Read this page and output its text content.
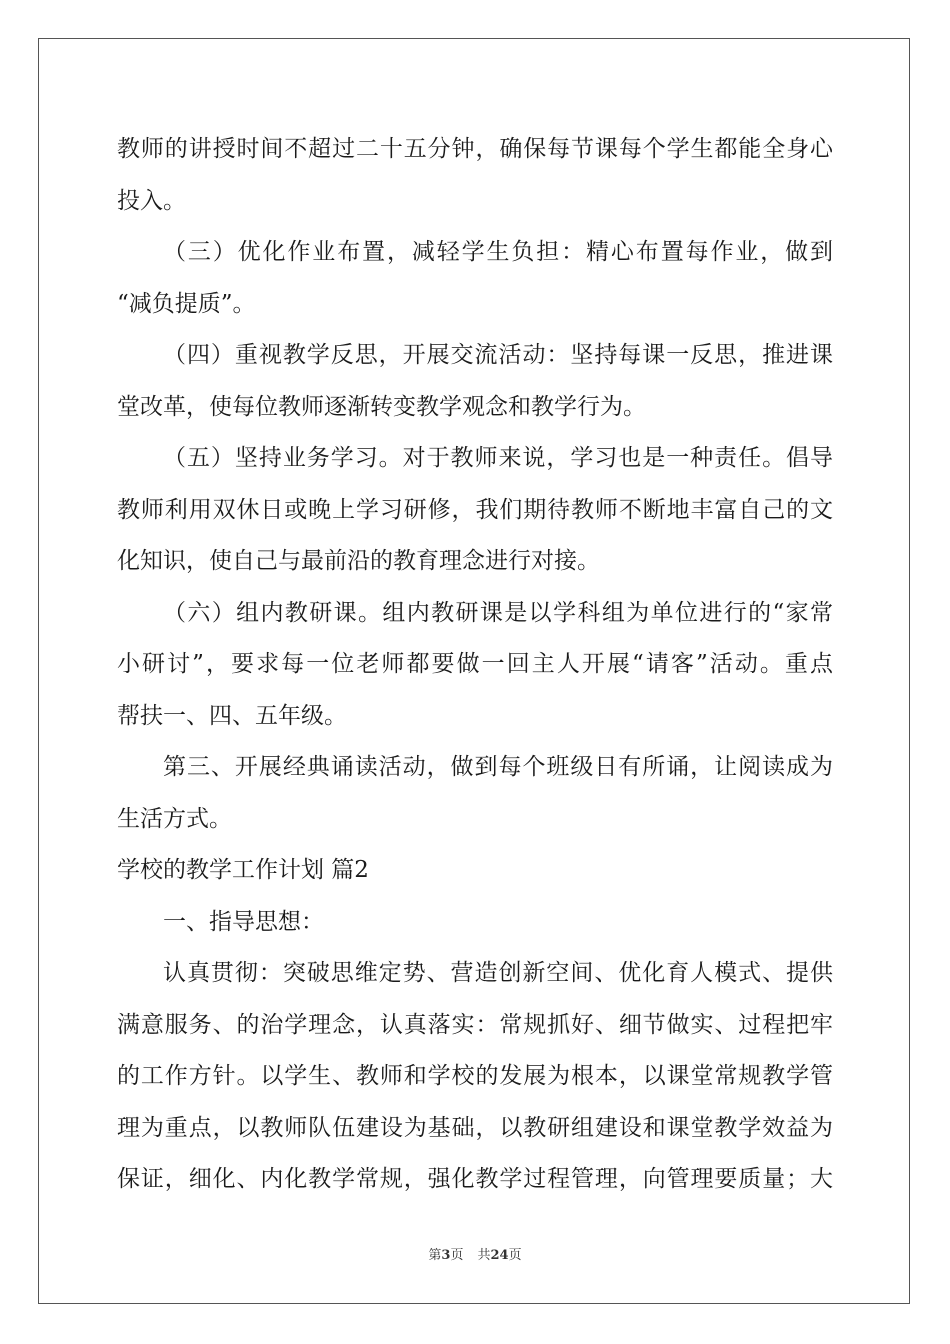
教师的讲授时间不超过二十五分钟，确保每节课每个学生都能全身心
投入。
（三）优化作业布置，减轻学生负担：精心布置每作业，做到
“减负提质”。
（四）重视教学反思，开展交流活动：坚持每课一反思，推进课
堂改革，使每位教师逐渐转变教学观念和教学行为。
（五）坚持业务学习。对于教师来说，学习也是一种责任。倡导
教师利用双休日或晚上学习研修，我们期待教师不断地丰富自己的文
化知识，使自己与最前沿的教育理念进行对接。
（六）组内教研课。组内教研课是以学科组为单位进行的“家常
小研讨”，要求每一位老师都要做一回主人开展“请客”活动。重点
帮扶一、四、五年级。
第三、开展经典诵读活动，做到每个班级日有所诵，让阅读成为
生活方式。
学校的教学工作计划 篇2
一、指导思想：
认真贯彻：突破思维定势、营造创新空间、优化育人模式、提供
满意服务、的治学理念，认真落实：常规抓好、细节做实、过程把牢
的工作方针。以学生、教师和学校的发展为根本，以课堂常规教学管
理为重点，以教师队伍建设为基础，以教研组建设和课堂教学效益为
保证，细化、内化教学常规，强化教学过程管理，向管理要质量；大
第3页 共24页
